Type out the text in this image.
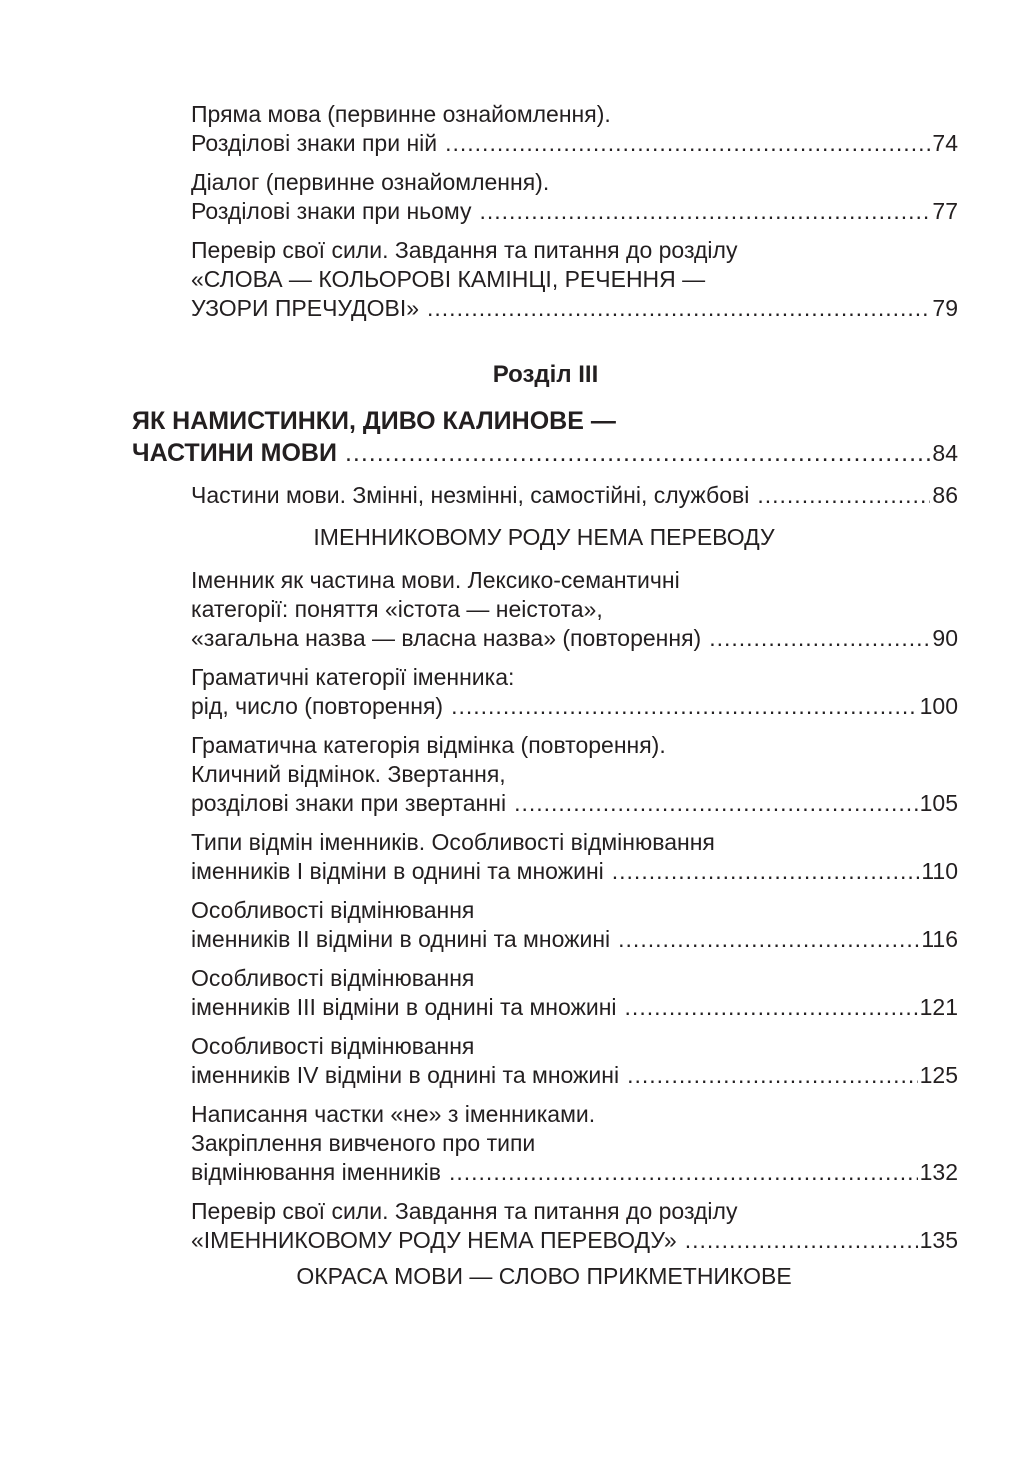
Пряма мова (первинне ознайомлення).
Розділові знаки при ній .....	74
Діалог (первинне ознайомлення).
Розділові знаки при ньому .....	77
Перевір свої сили. Завдання та питання до розділу
«СЛОВА — КОЛЬОРОВІ КАМІНЦІ, РЕЧЕННЯ —
УЗОРИ ПРЕЧУДОВІ» .....	79
Розділ III
ЯК НАМИСТИНКИ, ДИВО КАЛИНОВЕ —
ЧАСТИНИ МОВИ .....	84
Частини мови. Змінні, незмінні, самостійні, службові .....	86
ІМЕННИКОВОМУ РОДУ НЕМА ПЕРЕВОДУ
Іменник як частина мови. Лексико-семантичні
категорії: поняття «істота — неістота»,
«загальна назва — власна назва» (повторення) .....	90
Граматичні категорії іменника:
рід, число (повторення) .....	100
Граматична категорія відмінка (повторення).
Кличний відмінок. Звертання,
розділові знаки при звертанні .....	105
Типи відмін іменників. Особливості відмінювання
іменників І відміни в однині та множині .....	110
Особливості відмінювання
іменників ІІ відміни в однині та множині .....	116
Особливості відмінювання
іменників ІІІ відміни в однині та множині .....	121
Особливості відмінювання
іменників IV відміни в однині та множині .....	125
Написання частки «не» з іменниками.
Закріплення вивченого про типи
відмінювання іменників .....	132
Перевір свої сили. Завдання та питання до розділу
«ІМЕННИКОВОМУ РОДУ НЕМА ПЕРЕВОДУ» .....	135
ОКРАСА МОВИ — СЛОВО ПРИКМЕТНИКОВЕ
